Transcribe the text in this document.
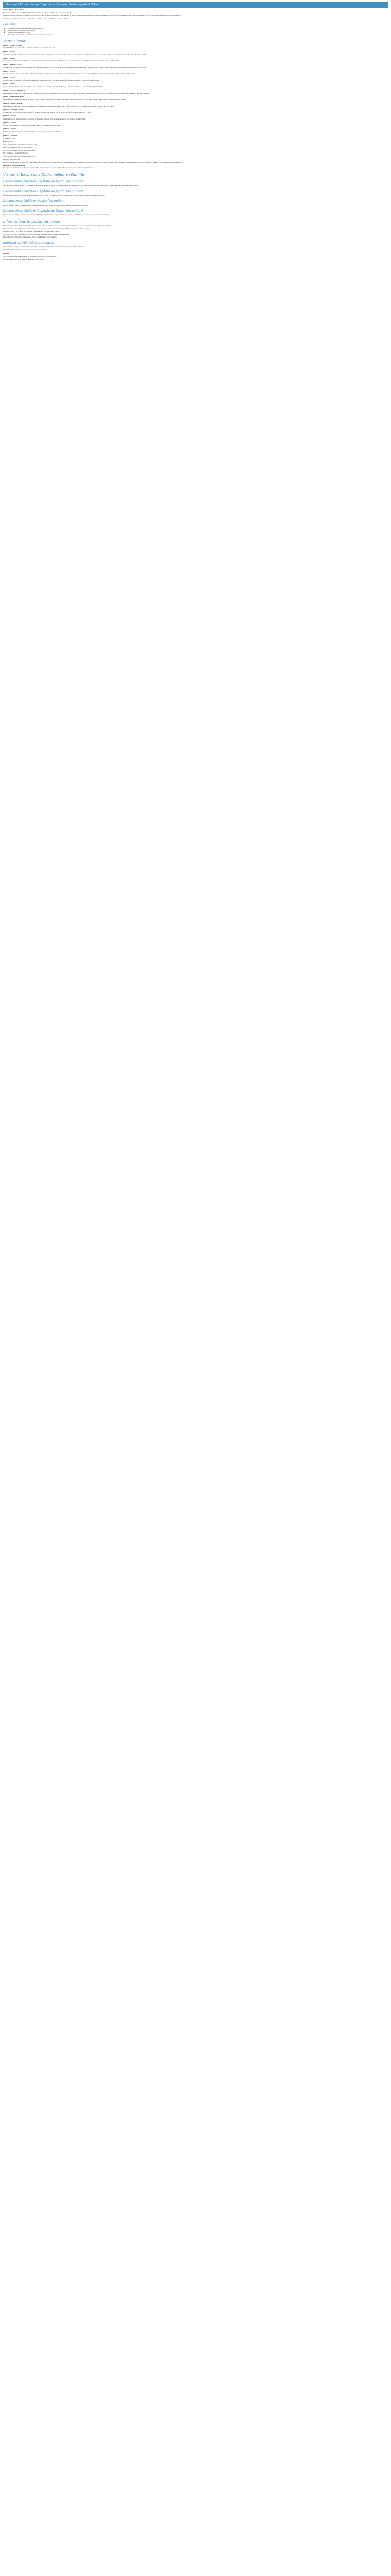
Descriptif Circuit Nangu, Capitale et Ryokan, Osaka, Kyoto et Tokyo

Osaka - Kyoto - Nara - Tokyo

Nouveauté 2016 / 15 Jours / 13 Nuits / 4 nuits en ryokan ; voyage en petit groupe ; réservation en ligne

Cette nouvelle formule vous propose une immersion au cœur du Japon traditionnel : hébergement en ryokan, découverte des temples et des jardins de Kyoto, rencontre avec une geisha, nuit dans un monastère du Mont Koya et découverte de la modernité de Tokyo.

Le circuit : 3 nuits à Osaka, 5 nuits à Kyoto, 1 nuit au Mont Koya, 1 nuit à Nara et 3 nuits à Tokyo.

Les Plus
• Voyage en petit groupe (8 à 16 personnes maximum)
• Nuit en ryokan traditionnel avec onsen
• Nuit au monastère du Mont Koya
• Des visites optionnelles à la carte pour personnaliser votre voyage
Votre Circuit

JOUR 1 - FRANCE / OSAKA

Départ de France sur vol régulier à destination d'Osaka. Repas et nuit à bord.

JOUR 2 - OSAKA

Arrivée à l'aéroport international du Kansai. Accueil par notre correspondant francophone et transfert en navette jusqu'à votre hôtel. Reste de la journée libre pour une première découverte de la ville. Nuit à l'hôtel.

JOUR 3 - OSAKA

Journée libre à Osaka. Découverte libre du château d'Osaka, du quartier animé de Dotonbori et du marché Kuromon. Possibilité d'excursion optionnelle à Kobe. Nuit à l'hôtel.

JOUR 4 - OSAKA / KYOTO

Transfert libre vers Kyoto en train. Installation à votre hôtel puis premiers pas dans l'ancienne capitale impériale. Balade libre dans le quartier de Gion, célèbre pour ses maisons de thé et ses geishas. Nuit à l'hôtel.

JOUR 5 - KYOTO

Journée consacrée à la visite de Kyoto : le Pavillon d'Or (Kinkaku-ji), le jardin zen du Ryoan-ji, le temple Kiyomizu-dera et le sanctuaire Fushimi Inari aux milliers de torii. Déjeuner libre. Nuit à l'hôtel.

JOUR 6 - KYOTO

Matinée libre. L'après-midi, cérémonie du thé suivie d'une initiation à la calligraphie. En soirée, dîner en compagnie d'une maiko. Nuit à l'hôtel.

JOUR 7 - KYOTO

Journée libre. Possibilité d'excursion optionnelle à Arashiyama : bambouseraie, temple Tenryu-ji et balade en bateau sur la rivière Hozu. Nuit à l'hôtel.

JOUR 8 - KYOTO / MONT KOYA

Départ en train pour le Mont Koya, haut lieu du bouddhisme Shingon. Visite du cimetière Okunoin et du temple Kongobu-ji. Dîner végétarien (shojin ryori) et nuit au monastère. Possibilité d'assister à la prière matinale.

JOUR 9 - MONT KOYA / NARA

Départ vers Nara, première capitale du Japon. Visite du temple Todai-ji et de son Grand Bouddha, du parc aux daims et du sanctuaire Kasuga Taisha. Nuit en ryokan avec dîner kaiseki.

JOUR 10 - NARA / HAKONE

Départ en shinkansen vers Hakone. Croisière sur le lac Ashi et montée en téléphérique avec vue sur le Mont Fuji par temps clair. Bain dans un onsen. Nuit en ryokan.

JOUR 11 - HAKONE / TOKYO

Transfert vers Tokyo. Découverte du quartier d'Asakusa et du temple Senso-ji, puis de la rue commerçante Nakamise. Nuit à l'hôtel.

JOUR 12 - TOKYO

Visite de Tokyo : le sanctuaire Meiji, le quartier de Harajuku, Shibuya et son célèbre carrefour, puis Shinjuku. Nuit à l'hôtel.

JOUR 13 - TOKYO

Journée libre. Possibilité d'excursion optionnelle à Nikko ou à Kamakura. Nuit à l'hôtel.

JOUR 14 - TOKYO

Matinée libre pour les derniers achats. Transfert à l'aéroport et vol retour vers la France.

JOUR 15 - FRANCE

Arrivée en France.

Hébergement

Osaka : Hotel Keihan Yodoyabashi ou similaire (3*)

Kyoto : Hotel Vischio Kyoto ou similaire (3*)

Mont Koya : Monastère Ekoin (temple-logement)

Nara et Hakone : Ryokan traditionnel

Tokyo : Hotel Gracery Shinjuku ou similaire (3*)

Les prix comprennent

Les vols internationaux, les transferts mentionnés, l'hébergement en chambre double, les petits-déjeuners, les repas mentionnés au programme, le Japan Rail Pass 7 jours, les visites mentionnées avec guide francophone, l'assistance de notre correspondant sur place.

Les prix ne comprennent pas

Les repas non mentionnés, les dépenses personnelles, les pourboires, les visites optionnelles, l'assurance annulation et rapatriement.

Visites et Excursions Optionnelles en Famille
Découvertes Guidées Capitale de Kyoto (en option)

Excursion d'une journée guidée en français à la découverte du Kyoto impérial : le Palais impérial, le château Nijo et ses planchers rossignol, puis le quartier de Higashiyama et ses ruelles traditionnelles.

Découvertes Guidées Capitale de Kyoto (en option)

Demi-journée guidée à la découverte des temples du nord de Kyoto : le Pavillon d'Argent (Ginkaku-ji) et le Chemin de la Philosophie, bordé de cerisiers.

Découvertes Guidées Osaka (en option)

Journée guidée à Osaka : château d'Osaka, observatoire Umeda Sky Building, quartier de Shinsekai et dégustation de takoyaki.

Découvertes Guidées Capitale de Tokyo (en option)

Journée guidée à Tokyo : le marché aux poissons de Tsukiji, les jardins Hama-rikyu, croisière sur la rivière Sumida jusqu'à Asakusa, puis le quartier d'Akihabara.

Informations Importantes Japon

Formalités : passeport valide pour toute la durée du séjour. Aucun visa n'est exigé pour les ressortissants français pour un séjour touristique de moins de 90 jours.

Santé : aucun vaccin obligatoire. Il est recommandé de souscrire une assurance couvrant les frais médicaux, très élevés au Japon.

Décalage horaire : + 8 heures en hiver et + 7 heures en été par rapport à la France.

Monnaie : le yen (JPY). Les cartes bancaires ne sont pas acceptées partout, prévoyez des espèces.

Électricité : 100 volts, prises plates à deux fiches. Un adaptateur est nécessaire.

Information Vols Aéroports Japon

Vols réguliers au départ de Paris Charles de Gaulle à destination d'Osaka Kansai et retour depuis Tokyo Narita ou Haneda.

Possibilité de départ de province sur demande avec supplément.

Contact

Nous contacter pour toute demande de devis ou d'information complémentaire.

Du lundi au vendredi de 9h à 19h et le samedi de 10h à 18h.
